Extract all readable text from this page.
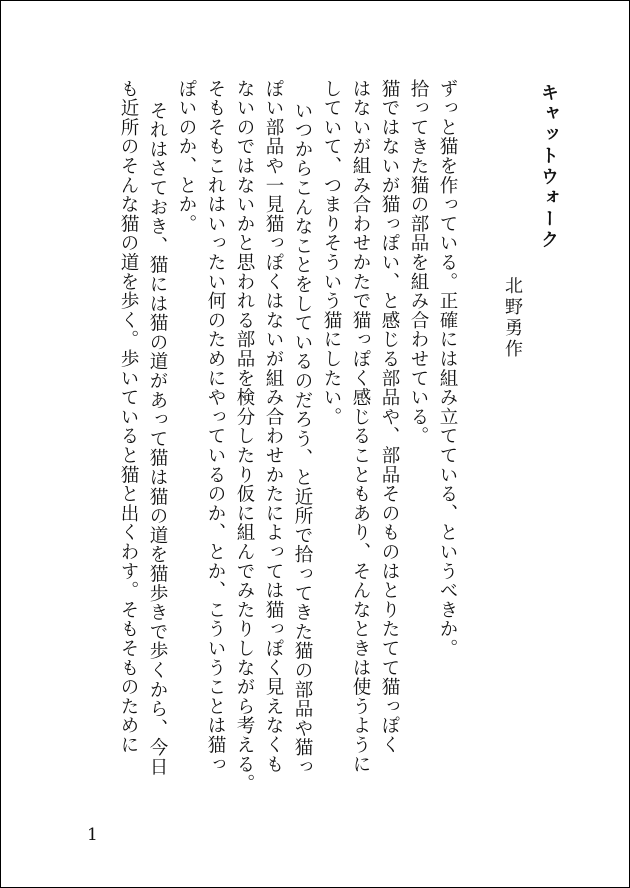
キャットウォーク

北野勇作

ずっと猫を作っている。正確には組み立てている、というべきか。

拾ってきた猫の部品を組み合わせている。

猫ではないが猫っぽい、と感じる部品や、部品そのものはとりたてて猫っぽく

はないが組み合わせかたで猫っぽく感じることもあり、そんなときは使うように

していて、つまりそういう猫にしたい。

いつからこんなことをしているのだろう、と近所で拾ってきた猫の部品や猫っ

ぽい部品や一見猫っぽくはないが組み合わせかたによっては猫っぽく見えなくも

ないのではないかと思われる部品を検分したり仮に組んでみたりしながら考える。

そもそもこれはいったい何のためにやっているのか、とか、こういうことは猫っ

ぽいのか、とか。

それはさておき、猫には猫の道があって猫は猫の道を猫歩きで歩くから、今日

も近所のそんな猫の道を歩く。歩いていると猫と出くわす。そもそものために

1
